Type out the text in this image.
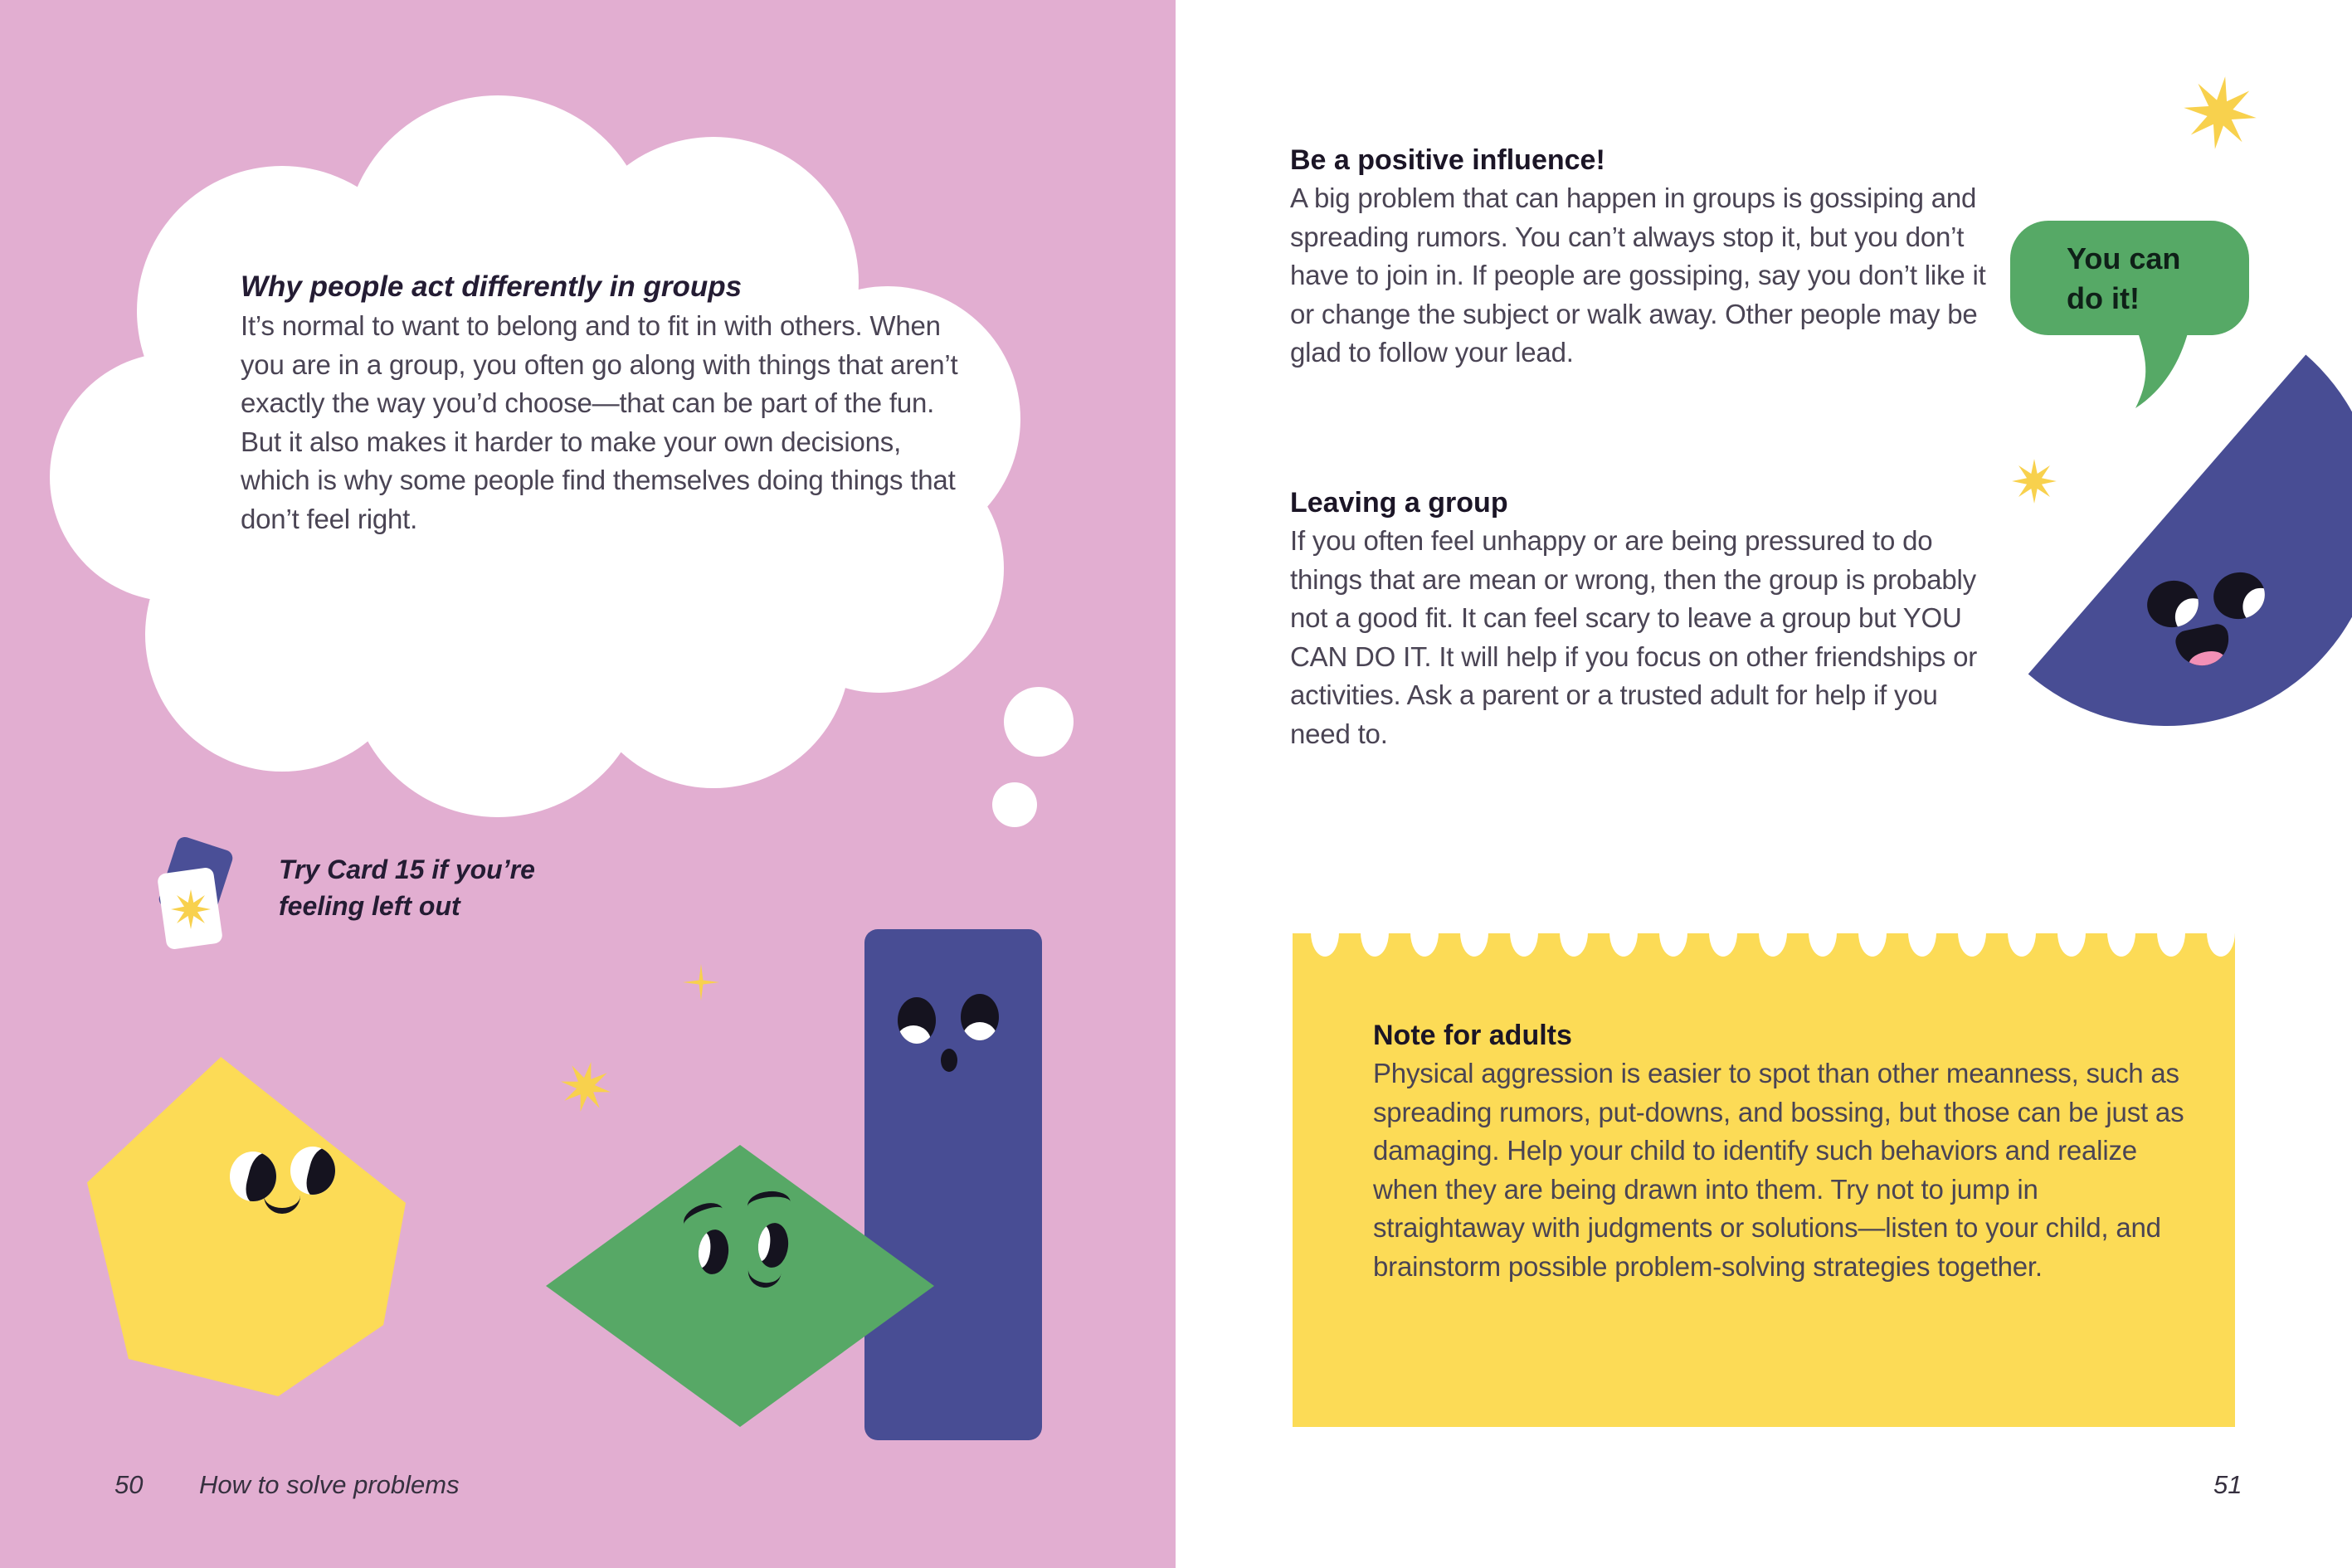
Why people act differently in groups
It’s normal to want to belong and to fit in with others. When you are in a group, you often go along with things that aren’t exactly the way you’d choose—that can be part of the fun. But it also makes it harder to make your own decisions, which is why some people find themselves doing things that don’t feel right.
Try Card 15 if you’re feeling left out
50 How to solve problems
Be a positive influence!
A big problem that can happen in groups is gossiping and spreading rumors. You can’t always stop it, but you don’t have to join in. If people are gossiping, say you don’t like it or change the subject or walk away. Other people may be glad to follow your lead.
Leaving a group
If you often feel unhappy or are being pressured to do things that are mean or wrong, then the group is probably not a good fit. It can feel scary to leave a group but YOU CAN DO IT. It will help if you focus on other friendships or activities. Ask a parent or a trusted adult for help if you need to.
You can do it!
Note for adults
Physical aggression is easier to spot than other meanness, such as spreading rumors, put-downs, and bossing, but those can be just as damaging. Help your child to identify such behaviors and realize when they are being drawn into them. Try not to jump in straightaway with judgments or solutions—listen to your child, and brainstorm possible problem-solving strategies together.
51
